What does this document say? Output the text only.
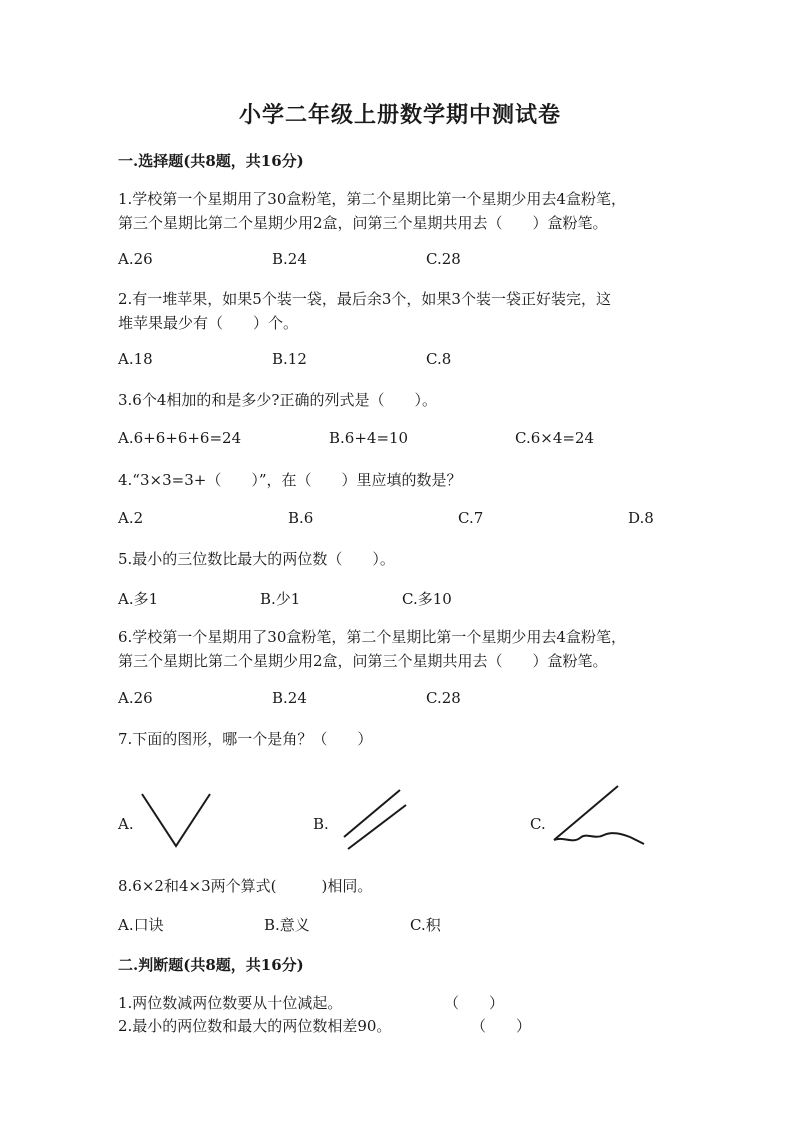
小学二年级上册数学期中测试卷
一.选择题(共8题，共16分)
1.学校第一个星期用了30盒粉笔，第二个星期比第一个星期少用去4盒粉笔，
第三个星期比第二个星期少用2盒，问第三个星期共用去（　　）盒粉笔。
A.26	B.24	C.28
2.有一堆苹果，如果5个装一袋，最后余3个，如果3个装一袋正好装完，这
堆苹果最少有（　　）个。
A.18	B.12	C.8
3.6个4相加的和是多少?正确的列式是（　　）。
A.6+6+6+6=24	B.6+4=10	C.6×4=24
4.“3×3=3+（　　）”，在（　　）里应填的数是？
A.2	B.6	C.7	D.8
5.最小的三位数比最大的两位数（　　）。
A.多1	B.少1	C.多10
6.学校第一个星期用了30盒粉笔，第二个星期比第一个星期少用去4盒粉笔，
第三个星期比第二个星期少用2盒，问第三个星期共用去（　　）盒粉笔。
A.26	B.24	C.28
7.下面的图形，哪一个是角？（　　）
A.	B.	C.
8.6×2和4×3两个算式(　　　)相同。
A.口诀	B.意义	C.积
二.判断题(共8题，共16分)
1.两位数减两位数要从十位减起。	（　　）
2.最小的两位数和最大的两位数相差90。	（　　）
